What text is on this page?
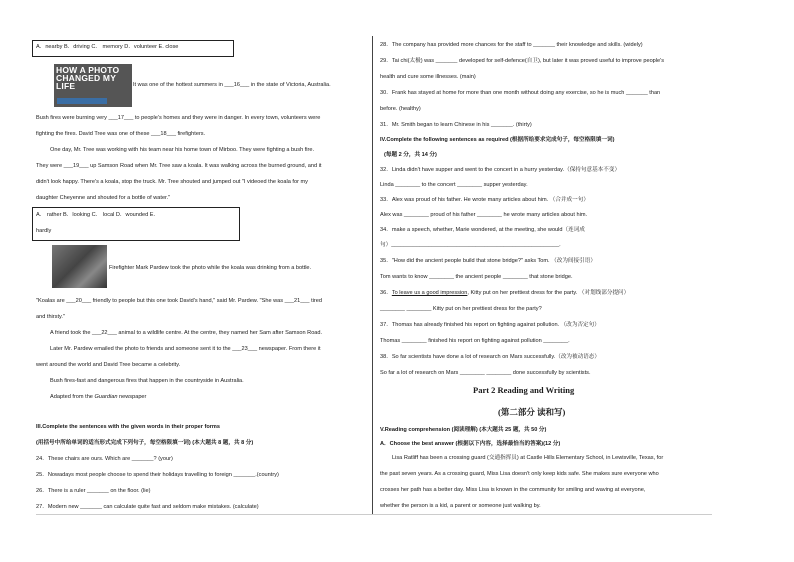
A．nearby B．driving C． memory D．volunteer E. close
HOW A PHOTO CHANGED MY LIFE	It was one of the hottest summers in ___16___ in the state of Victoria, Australia.
Bush fires were burning very ___17___ to people's homes and they were in danger. In every town, volunteers were
fighting the fires. David Tree was one of these ___18___ firefighters.
One day, Mr. Tree was working with his team near his home town of Mirboo. They were fighting a bush fire.
They were ___19___ up Samson Road when Mr. Tree saw a koala. It was walking across the burned ground, and it
didn't look happy. There's a koala, stop the truck. Mr. Tree shouted and jumped out "I videoed the koala for my
daughter Cheyenne and shouted for a bottle of water."
A． rather B．looking C． local D．wounded E.
hardly
Firefighter Mark Pardew took the photo while the koala was drinking from a bottle.
"Koalas are ___20___ friendly to people but this one took David's hand," said Mr. Pardew. "She was ___21___ tired
and thirsty."
A friend took the ___22___ animal to a wildlife centre. At the centre, they named her Sam after Samson Road.
Later Mr. Pardew emailed the photo to friends and someone sent it to the ___23___ newspaper. From there it
went around the world and David Tree became a celebrity.
Bush fires-fast and dangerous fires that happen in the countryside in Australia.
Adapted from the Guardian newspaper
III.Complete the sentences with the given words in their proper forms
(用括号中所给单词的适当形式完成下列句子，每空格限填一词) (本大题共 8 题，共 8 分)
24．These chairs are ours. Which are _______? (your)
25．Nowadays most people choose to spend their holidays travelling to foreign _______.(country)
26．There is a ruler _______ on the floor. (lie)
27．Modern new _______ can calculate quite fast and seldom make mistakes. (calculate)
28．The company has provided more chances for the staff to _______ their knowledge and skills. (widely)
29．Tai chi(太极) was _______ developed for self-defence(自卫), but later it was proved useful to improve people's
health and cure some illnesses. (main)
30．Frank has stayed at home for more than one month without doing any exercise, so he is much _______ than
before. (healthy)
31．Mr. Smith began to learn Chinese in his _______. (thirty)
IV.Complete the following sentences as required (根据所给要求完成句子，每空格限填一词)
(每题 2 分，共 14 分)
32．Linda didn't have supper and went to the concert in a hurry yesterday.（保持句意基本不变）
Linda ________ to the concert ________ supper yesterday.
33．Alex was proud of his father. He wrote many articles about him. （合并成一句）
Alex was ________ proud of his father ________ he wrote many articles about him.
34．make a speech, whether, Marie wondered, at the meeting, she would（连词成
句）______________________________________________________.
35．"How did the ancient people build that stone bridge?" asks Tom. （改为间接引语）
Tom wants to know ________ the ancient people ________ that stone bridge.
36．To leave us a good impression, Kitty put on her prettiest dress for the party. （对划线部分提问）
________ ________ Kitty put on her prettiest dress for the party?
37．Thomas has already finished his report on fighting against pollution. （改为否定句）
Thomas ________ finished his report on fighting against pollution ________.
38．So far scientists have done a lot of research on Mars successfully.（改为被动语态）
So far a lot of research on Mars ________ ________ done successfully by scientists.
Part 2 Reading and Writing
(第二部分 读和写)
V.Reading comprehension (阅读理解) (本大题共 25 题，共 50 分)
A．Choose the best answer (根据以下内容，选择最恰当的答案)(12 分)
Lisa Ratliff has been a crossing guard (交通指挥员) at Castle Hills Elementary School, in Lewisville, Texas, for
the past seven years. As a crossing guard, Miss Lisa doesn't only keep kids safe. She makes sure everyone who
crosses her path has a better day. Miss Lisa is known in the community for smiling and waving at everyone,
whether the person is a kid, a parent or someone just walking by.
